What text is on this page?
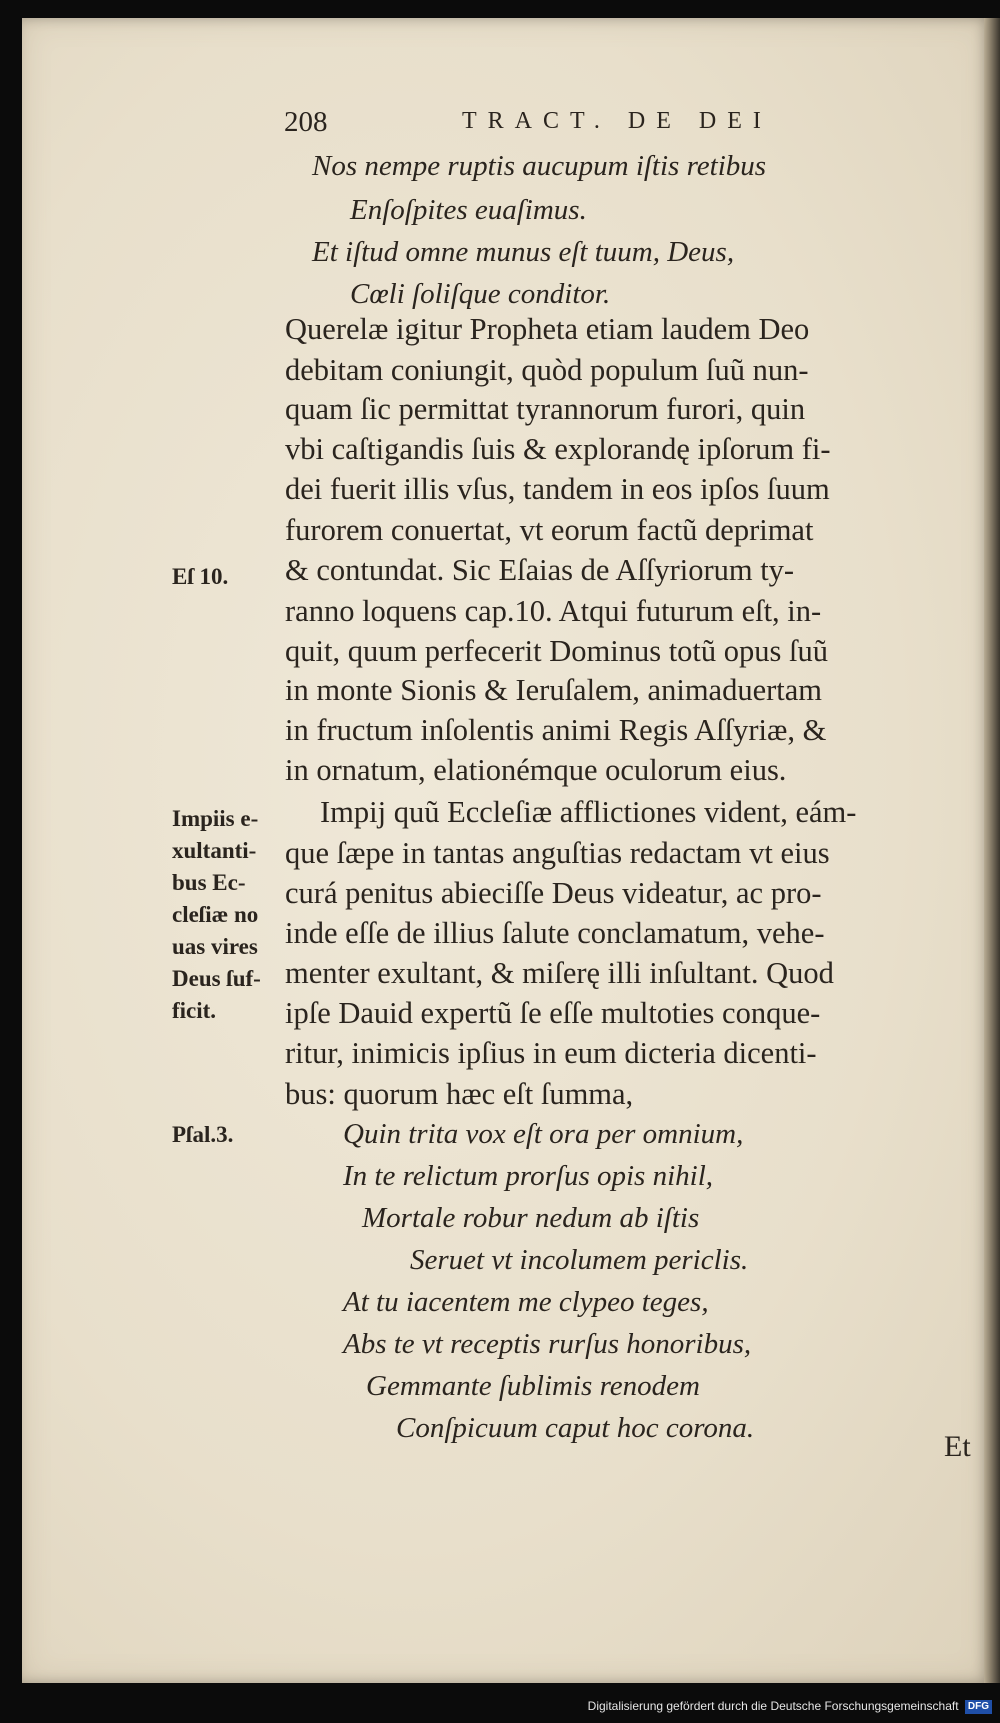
208	TRACT. DE DEI
Nos nempe ruptis aucupum iſtis retibus
Enſoſpites euaſimus.
Et iſtud omne munus eſt tuum, Deus,
Cœli ſoliſque conditor.
Querelæ igitur Propheta etiam laudem Deo
debitam coniungit, quòd populum ſuũ nun-
quam ſic permittat tyrannorum furori, quin
vbi caſtigandis ſuis & explorandę ipſorum fi-
dei fuerit illis vſus, tandem in eos ipſos ſuum
furorem conuertat, vt eorum factũ deprimat
& contundat. Sic Eſaias de Aſſyriorum ty-
ranno loquens cap.10. Atqui futurum eſt, in-
quit, quum perfecerit Dominus totũ opus ſuũ
in monte Sionis & Ieruſalem, animaduertam
in fructum inſolentis animi Regis Aſſyriæ, &
in ornatum, elationémque oculorum eius.
Impij quũ Eccleſiæ afflictiones vident, eám-
que ſæpe in tantas anguſtias redactam vt eius
curá penitus abieciſſe Deus videatur, ac pro-
inde eſſe de illius ſalute conclamatum, vehe-
menter exultant, & miſerę illi inſultant. Quod
ipſe Dauid expertũ ſe eſſe multoties conque-
ritur, inimicis ipſius in eum dicteria dicenti-
bus: quorum hæc eſt ſumma,
Quin trita vox eſt ora per omnium,
In te relictum prorſus opis nihil,
Mortale robur nedum ab iſtis
Seruet vt incolumem periclis.
At tu iacentem me clypeo teges,
Abs te vt receptis rurſus honoribus,
Gemmante ſublimis renodem
Conſpicuum caput hoc corona.
Eſ 10.
Impiis e-
xultanti-
bus Ec-
cleſiæ no
uas vires
Deus ſuf-
ficit.
Pſal.3.
Et
Digitalisierung gefördert durch die Deutsche Forschungsgemeinschaft DFG
